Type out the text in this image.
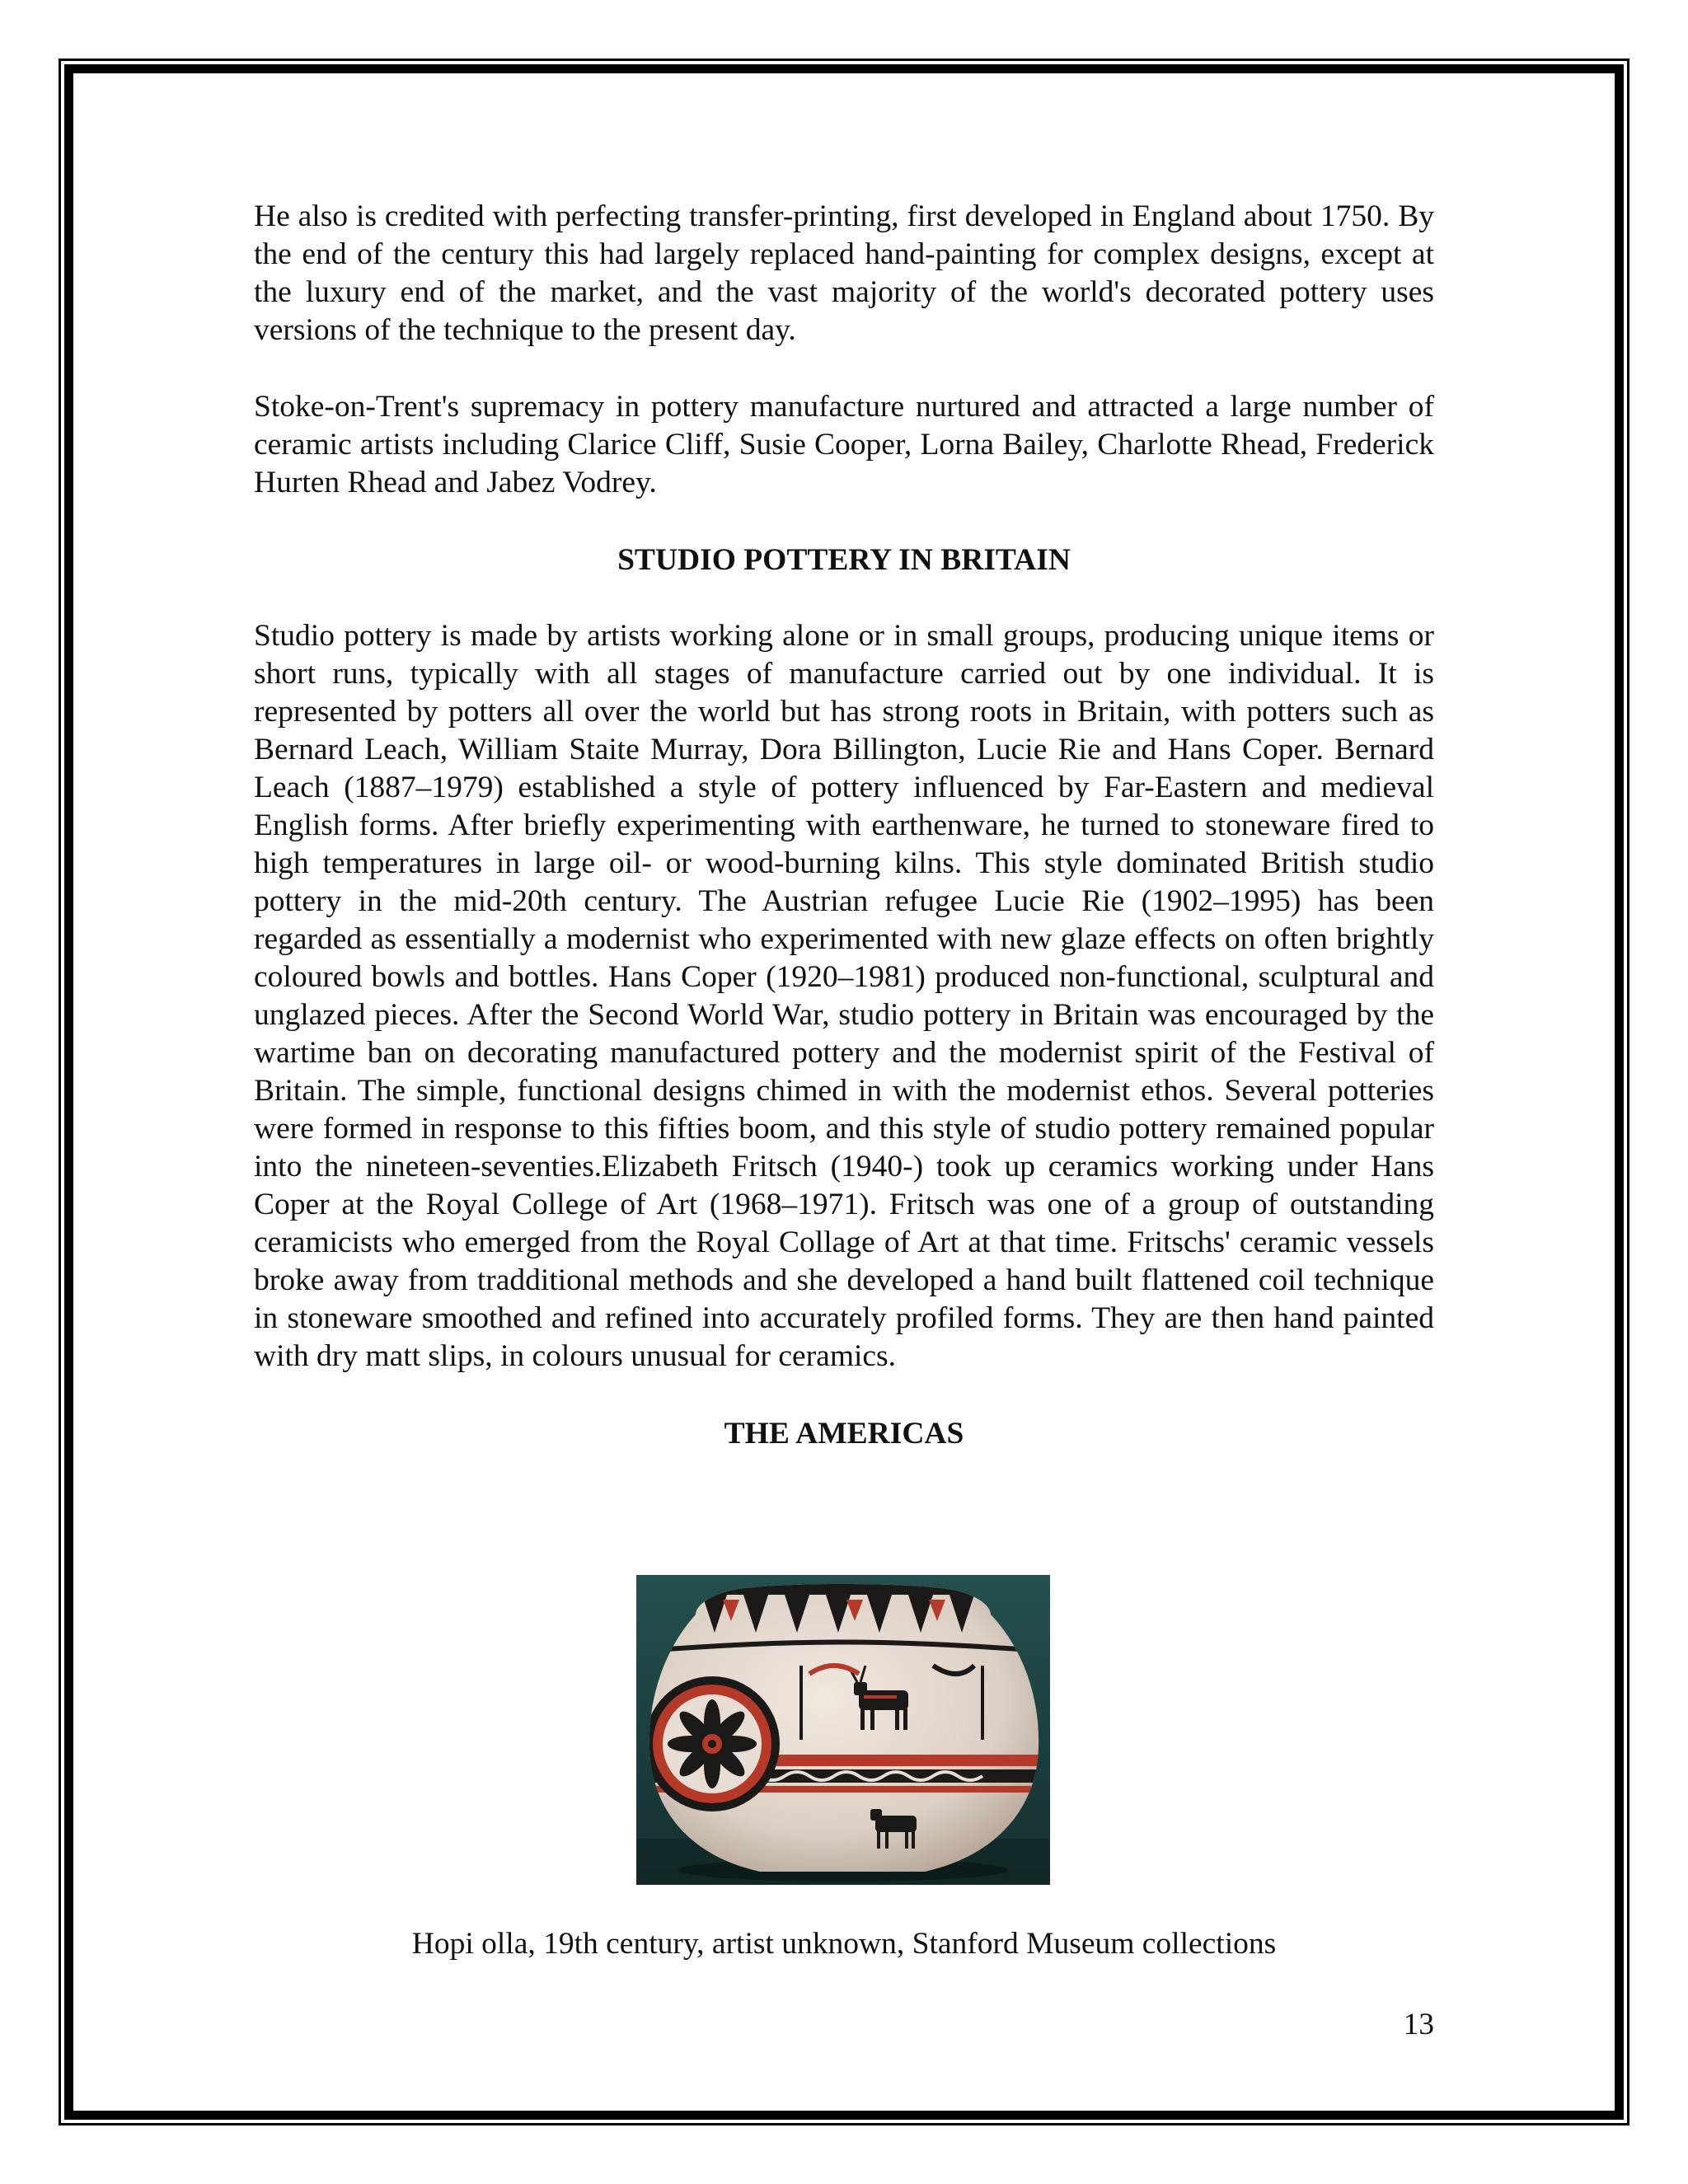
He also is credited with perfecting transfer-printing, first developed in England about 1750. By the end of the century this had largely replaced hand-painting for complex designs, except at the luxury end of the market, and the vast majority of the world's decorated pottery uses versions of the technique to the present day.

Stoke-on-Trent's supremacy in pottery manufacture nurtured and attracted a large number of ceramic artists including Clarice Cliff, Susie Cooper, Lorna Bailey, Charlotte Rhead, Frederick Hurten Rhead and Jabez Vodrey.

STUDIO POTTERY IN BRITAIN

Studio pottery is made by artists working alone or in small groups, producing unique items or short runs, typically with all stages of manufacture carried out by one individual. It is represented by potters all over the world but has strong roots in Britain, with potters such as Bernard Leach, William Staite Murray, Dora Billington, Lucie Rie and Hans Coper. Bernard Leach (1887–1979) established a style of pottery influenced by Far-Eastern and medieval English forms. After briefly experimenting with earthenware, he turned to stoneware fired to high temperatures in large oil- or wood-burning kilns. This style dominated British studio pottery in the mid-20th century. The Austrian refugee Lucie Rie (1902–1995) has been regarded as essentially a modernist who experimented with new glaze effects on often brightly coloured bowls and bottles. Hans Coper (1920–1981) produced non-functional, sculptural and unglazed pieces. After the Second World War, studio pottery in Britain was encouraged by the wartime ban on decorating manufactured pottery and the modernist spirit of the Festival of Britain. The simple, functional designs chimed in with the modernist ethos. Several potteries were formed in response to this fifties boom, and this style of studio pottery remained popular into the nineteen-seventies.Elizabeth Fritsch (1940-) took up ceramics working under Hans Coper at the Royal College of Art (1968–1971). Fritsch was one of a group of outstanding ceramicists who emerged from the Royal Collage of Art at that time. Fritschs' ceramic vessels broke away from tradditional methods and she developed a hand built flattened coil technique in stoneware smoothed and refined into accurately profiled forms. They are then hand painted with dry matt slips, in colours unusual for ceramics.

THE AMERICAS
Hopi olla, 19th century, artist unknown, Stanford Museum collections
13
